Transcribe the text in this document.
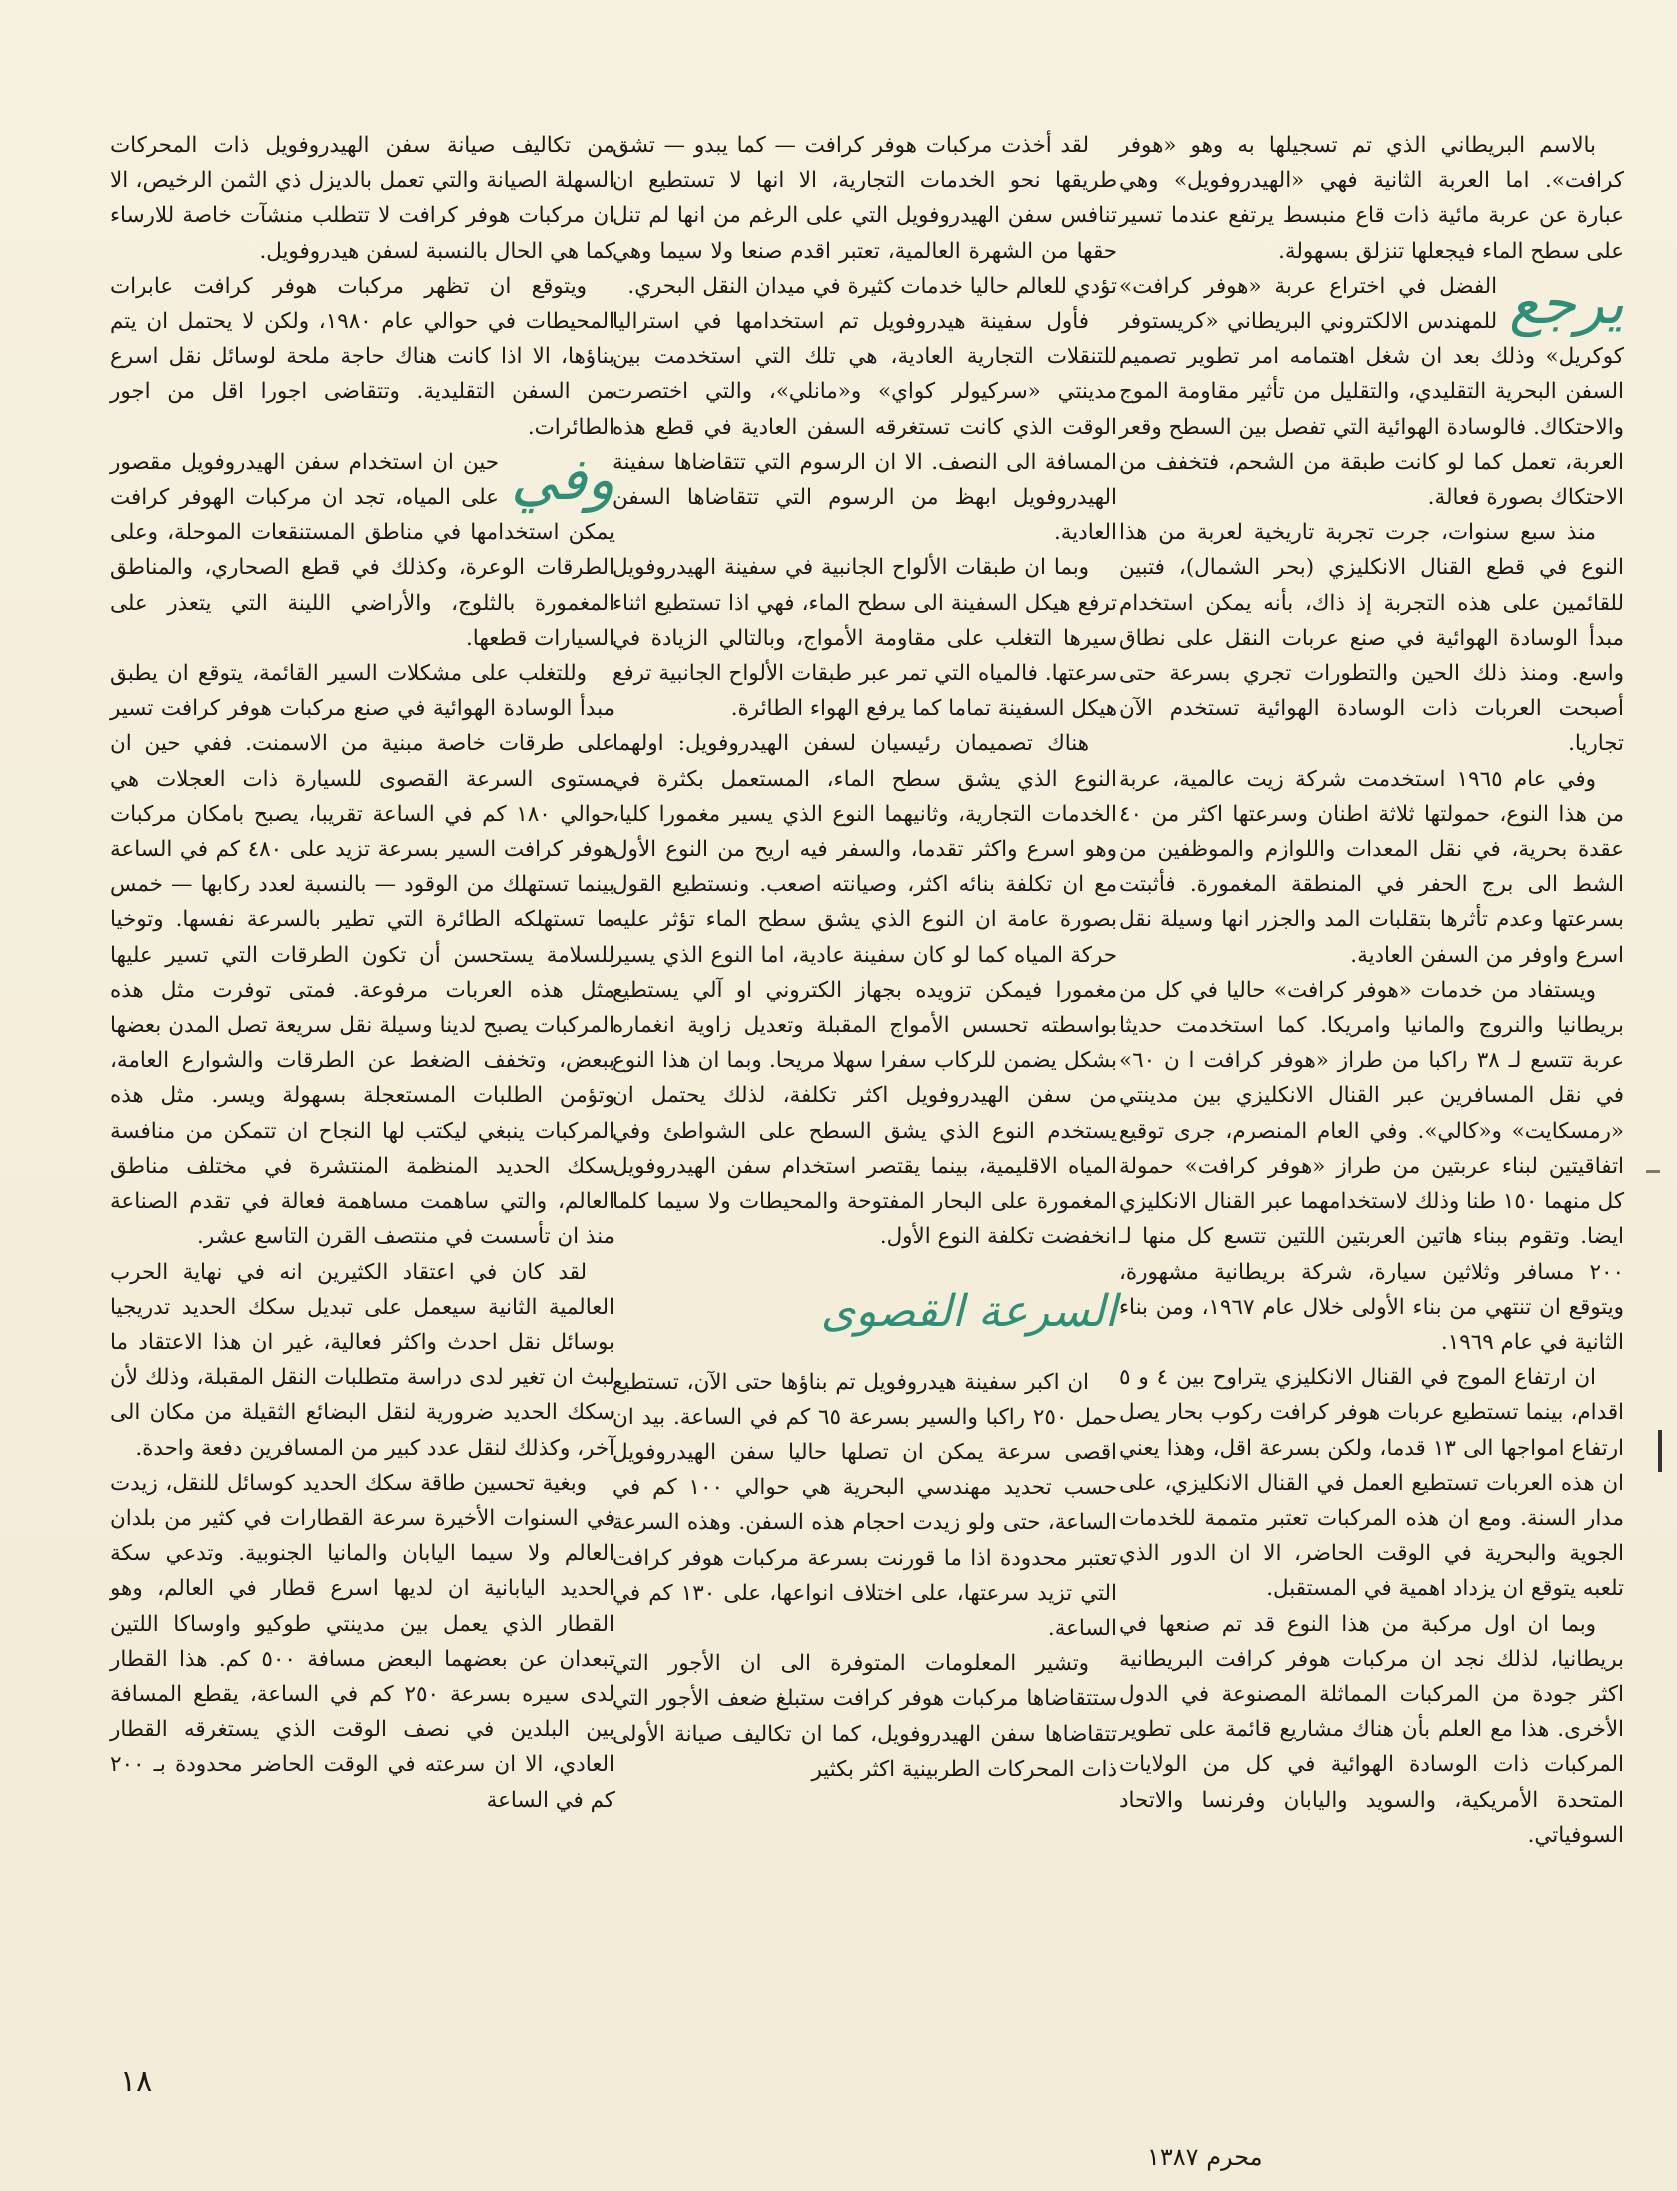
بالاسم البريطاني الذي تم تسجيلها به وهو «هوفر كرافت». اما العربة الثانية فهي «الهيدروفويل» وهي عبارة عن عربة مائية ذات قاع منبسط يرتفع عندما تسير على سطح الماء فيجعلها تنزلق بسهولة.

يرجع

الفضل في اختراع عربة «هوفر كرافت» للمهندس الالكتروني البريطاني «كريستوفر كوكريل» وذلك بعد ان شغل اهتمامه امر تطوير تصميم السفن البحرية التقليدي، والتقليل من تأثير مقاومة الموج والاحتكاك. فالوسادة الهوائية التي تفصل بين السطح وقعر العربة، تعمل كما لو كانت طبقة من الشحم، فتخفف من الاحتكاك بصورة فعالة.

منذ سبع سنوات، جرت تجربة تاريخية لعربة من هذا النوع في قطع القنال الانكليزي (بحر الشمال)، فتبين للقائمين على هذه التجربة إذ ذاك، بأنه يمكن استخدام مبدأ الوسادة الهوائية في صنع عربات النقل على نطاق واسع. ومنذ ذلك الحين والتطورات تجري بسرعة حتى أصبحت العربات ذات الوسادة الهوائية تستخدم الآن تجاريا.

وفي عام ١٩٦٥ استخدمت شركة زيت عالمية، عربة من هذا النوع، حمولتها ثلاثة اطنان وسرعتها اكثر من ٤٠ عقدة بحرية، في نقل المعدات واللوازم والموظفين من الشط الى برج الحفر في المنطقة المغمورة. فأثبتت بسرعتها وعدم تأثرها بتقلبات المد والجزر انها وسيلة نقل اسرع واوفر من السفن العادية.

ويستفاد من خدمات «هوفر كرافت» حاليا في كل من بريطانيا والنروج والمانيا وامريكا. كما استخدمت حديثا عربة تتسع لـ ٣٨ راكبا من طراز «هوفر كرافت ا ن ٦٠» في نقل المسافرين عبر القنال الانكليزي بين مدينتي «رمسكايت» و«كالي». وفي العام المنصرم، جرى توقيع اتفاقيتين لبناء عربتين من طراز «هوفر كرافت» حمولة كل منهما ١٥٠ طنا وذلك لاستخدامهما عبر القنال الانكليزي ايضا. وتقوم ببناء هاتين العربتين اللتين تتسع كل منها لـ ٢٠٠ مسافر وثلاثين سيارة، شركة بريطانية مشهورة، ويتوقع ان تنتهي من بناء الأولى خلال عام ١٩٦٧، ومن بناء الثانية في عام ١٩٦٩.

ان ارتفاع الموج في القنال الانكليزي يتراوح بين ٤ و ٥ اقدام، بينما تستطيع عربات هوفر كرافت ركوب بحار يصل ارتفاع امواجها الى ١٣ قدما، ولكن بسرعة اقل، وهذا يعني ان هذه العربات تستطيع العمل في القنال الانكليزي، على مدار السنة. ومع ان هذه المركبات تعتبر متممة للخدمات الجوية والبحرية في الوقت الحاضر، الا ان الدور الذي تلعبه يتوقع ان يزداد اهمية في المستقبل.

وبما ان اول مركبة من هذا النوع قد تم صنعها في بريطانيا، لذلك نجد ان مركبات هوفر كرافت البريطانية اكثر جودة من المركبات المماثلة المصنوعة في الدول الأخرى. هذا مع العلم بأن هناك مشاريع قائمة على تطوير المركبات ذات الوسادة الهوائية في كل من الولايات المتحدة الأمريكية، والسويد واليابان وفرنسا والاتحاد السوفياتي.

لقد أخذت مركبات هوفر كرافت — كما يبدو — تشق طريقها نحو الخدمات التجارية، الا انها لا تستطيع ان تنافس سفن الهيدروفويل التي على الرغم من انها لم تنل حقها من الشهرة العالمية، تعتبر اقدم صنعا ولا سيما وهي تؤدي للعالم حاليا خدمات كثيرة في ميدان النقل البحري.

فأول سفينة هيدروفويل تم استخدامها في استراليا للتنقلات التجارية العادية، هي تلك التي استخدمت بين مدينتي «سركيولر كواي» و«مانلي»، والتي اختصرت الوقت الذي كانت تستغرقه السفن العادية في قطع هذه المسافة الى النصف. الا ان الرسوم التي تتقاضاها سفينة الهيدروفويل ابهظ من الرسوم التي تتقاضاها السفن العادية.

وبما ان طبقات الألواح الجانبية في سفينة الهيدروفويل ترفع هيكل السفينة الى سطح الماء، فهي اذا تستطيع اثناء سيرها التغلب على مقاومة الأمواج، وبالتالي الزيادة في سرعتها. فالمياه التي تمر عبر طبقات الألواح الجانبية ترفع هيكل السفينة تماما كما يرفع الهواء الطائرة.

هناك تصميمان رئيسيان لسفن الهيدروفويل: اولهما النوع الذي يشق سطح الماء، المستعمل بكثرة في الخدمات التجارية، وثانيهما النوع الذي يسير مغمورا كليا، وهو اسرع واكثر تقدما، والسفر فيه اريح من النوع الأول مع ان تكلفة بنائه اكثر، وصيانته اصعب. ونستطيع القول بصورة عامة ان النوع الذي يشق سطح الماء تؤثر عليه حركة المياه كما لو كان سفينة عادية، اما النوع الذي يسير مغمورا فيمكن تزويده بجهاز الكتروني او آلي يستطيع بواسطته تحسس الأمواج المقبلة وتعديل زاوية انغماره بشكل يضمن للركاب سفرا سهلا مريحا. وبما ان هذا النوع من سفن الهيدروفويل اكثر تكلفة، لذلك يحتمل ان يستخدم النوع الذي يشق السطح على الشواطئ وفي المياه الاقليمية، بينما يقتصر استخدام سفن الهيدروفويل المغمورة على البحار المفتوحة والمحيطات ولا سيما كلما انخفضت تكلفة النوع الأول.

السرعة القصوى

ان اكبر سفينة هيدروفويل تم بناؤها حتى الآن، تستطيع حمل ٢٥٠ راكبا والسير بسرعة ٦٥ كم في الساعة. بيد ان اقصى سرعة يمكن ان تصلها حاليا سفن الهيدروفويل حسب تحديد مهندسي البحرية هي حوالي ١٠٠ كم في الساعة، حتى ولو زيدت احجام هذه السفن. وهذه السرعة تعتبر محدودة اذا ما قورنت بسرعة مركبات هوفر كرافت التي تزيد سرعتها، على اختلاف انواعها، على ١٣٠ كم في الساعة.

وتشير المعلومات المتوفرة الى ان الأجور التي ستتقاضاها مركبات هوفر كرافت ستبلغ ضعف الأجور التي تتقاضاها سفن الهيدروفويل، كما ان تكاليف صيانة الأولى ذات المحركات الطربينية اكثر بكثير

من تكاليف صيانة سفن الهيدروفويل ذات المحركات السهلة الصيانة والتي تعمل بالديزل ذي الثمن الرخيص، الا ان مركبات هوفر كرافت لا تتطلب منشآت خاصة للارساء كما هي الحال بالنسبة لسفن هيدروفويل.

ويتوقع ان تظهر مركبات هوفر كرافت عابرات المحيطات في حوالي عام ١٩٨٠، ولكن لا يحتمل ان يتم بناؤها، الا اذا كانت هناك حاجة ملحة لوسائل نقل اسرع من السفن التقليدية. وتتقاضى اجورا اقل من اجور الطائرات.

وفي

حين ان استخدام سفن الهيدروفويل مقصور على المياه، تجد ان مركبات الهوفر كرافت يمكن استخدامها في مناطق المستنقعات الموحلة، وعلى الطرقات الوعرة، وكذلك في قطع الصحاري، والمناطق المغمورة بالثلوج، والأراضي اللينة التي يتعذر على السيارات قطعها.

وللتغلب على مشكلات السير القائمة، يتوقع ان يطبق مبدأ الوسادة الهوائية في صنع مركبات هوفر كرافت تسير على طرقات خاصة مبنية من الاسمنت. ففي حين ان مستوى السرعة القصوى للسيارة ذات العجلات هي حوالي ١٨٠ كم في الساعة تقريبا، يصبح بامكان مركبات هوفر كرافت السير بسرعة تزيد على ٤٨٠ كم في الساعة بينما تستهلك من الوقود — بالنسبة لعدد ركابها — خمس ما تستهلكه الطائرة التي تطير بالسرعة نفسها. وتوخيا للسلامة يستحسن أن تكون الطرقات التي تسير عليها مثل هذه العربات مرفوعة. فمتى توفرت مثل هذه المركبات يصبح لدينا وسيلة نقل سريعة تصل المدن بعضها ببعض، وتخفف الضغط عن الطرقات والشوارع العامة، وتؤمن الطلبات المستعجلة بسهولة ويسر. مثل هذه المركبات ينبغي ليكتب لها النجاح ان تتمكن من منافسة سكك الحديد المنظمة المنتشرة في مختلف مناطق العالم، والتي ساهمت مساهمة فعالة في تقدم الصناعة منذ ان تأسست في منتصف القرن التاسع عشر.

لقد كان في اعتقاد الكثيرين انه في نهاية الحرب العالمية الثانية سيعمل على تبديل سكك الحديد تدريجيا بوسائل نقل احدث واكثر فعالية، غير ان هذا الاعتقاد ما لبث ان تغير لدى دراسة متطلبات النقل المقبلة، وذلك لأن سكك الحديد ضرورية لنقل البضائع الثقيلة من مكان الى آخر، وكذلك لنقل عدد كبير من المسافرين دفعة واحدة.

وبغية تحسين طاقة سكك الحديد كوسائل للنقل، زيدت في السنوات الأخيرة سرعة القطارات في كثير من بلدان العالم ولا سيما اليابان والمانيا الجنوبية. وتدعي سكة الحديد اليابانية ان لديها اسرع قطار في العالم، وهو القطار الذي يعمل بين مدينتي طوكيو واوساكا اللتين تبعدان عن بعضهما البعض مسافة ٥٠٠ كم. هذا القطار لدى سيره بسرعة ٢٥٠ كم في الساعة، يقطع المسافة بين البلدين في نصف الوقت الذي يستغرقه القطار العادي، الا ان سرعته في الوقت الحاضر محدودة بـ ٢٠٠ كم في الساعة

١٨
محرم ١٣٨٧
